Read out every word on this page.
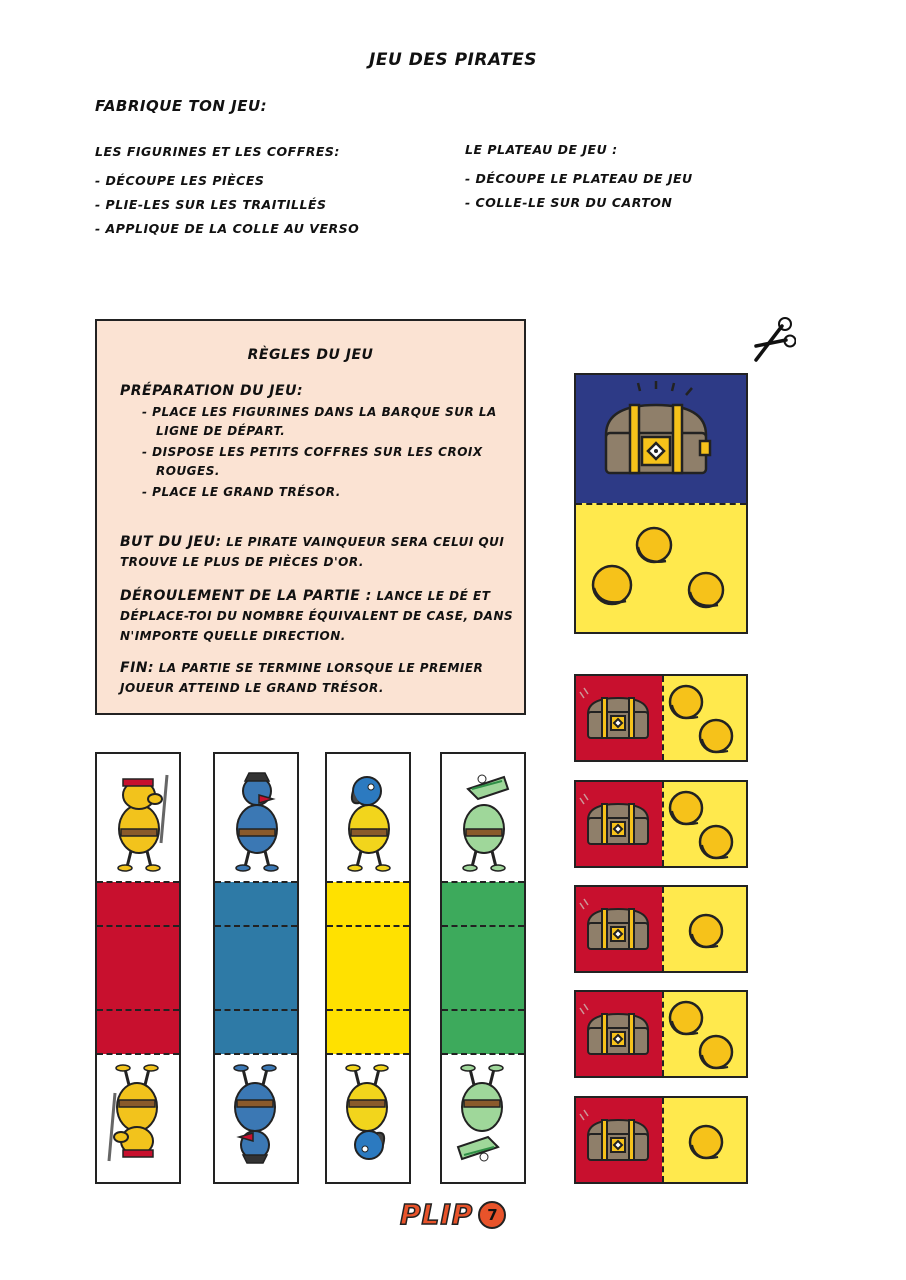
JEU DES PIRATES
FABRIQUE TON JEU:
LES FIGURINES ET LES COFFRES:
- DÉCOUPE LES PIÈCES
- PLIE-LES SUR LES TRAITILLÉS
- APPLIQUE DE LA COLLE AU VERSO
LE PLATEAU DE JEU :
- DÉCOUPE LE PLATEAU DE JEU
- COLLE-LE SUR DU CARTON
RÈGLES DU JEU
PRÉPARATION DU JEU:
- PLACE LES FIGURINES DANS LA BARQUE SUR LA LIGNE DE DÉPART.
- DISPOSE LES PETITS COFFRES SUR LES CROIX ROUGES.
- PLACE LE GRAND TRÉSOR.
BUT DU JEU: LE PIRATE VAINQUEUR SERA CELUI QUI TROUVE LE PLUS DE PIÈCES D'OR.
DÉROULEMENT DE LA PARTIE : LANCE LE DÉ ET DÉPLACE-TOI DU NOMBRE ÉQUIVALENT DE CASE, DANS N'IMPORTE QUELLE DIRECTION.
FIN: LA PARTIE SE TERMINE LORSQUE LE PREMIER JOUEUR ATTEIND LE GRAND TRÉSOR.
PLIP 7
